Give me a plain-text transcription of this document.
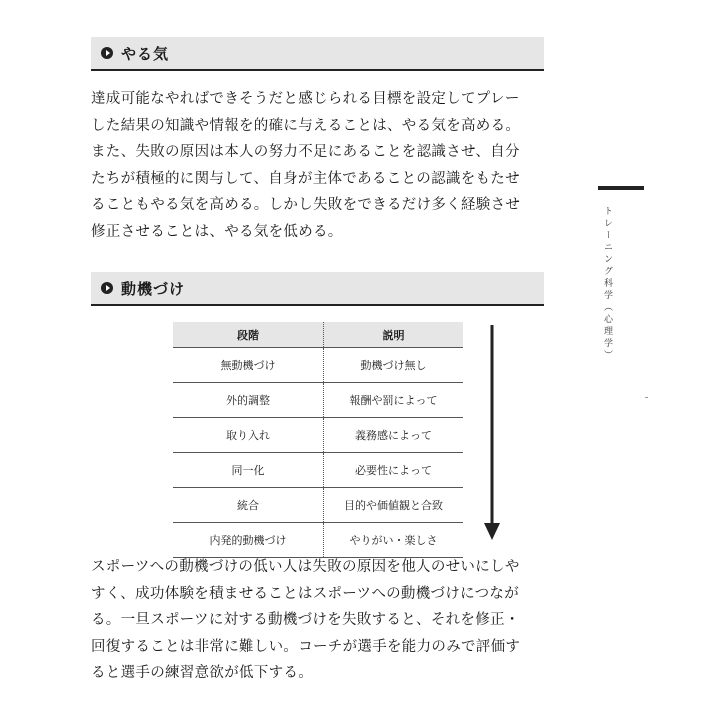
やる気

達成可能なやればできそうだと感じられる目標を設定してプレー
した結果の知識や情報を的確に与えることは、やる気を高める。
また、失敗の原因は本人の努力不足にあることを認識させ、自分
たちが積極的に関与して、自身が主体であることの認識をもたせ
ることもやる気を高める。しかし失敗をできるだけ多く経験させ
修正させることは、やる気を低める。

動機づけ
段階	説明
無動機づけ	動機づけ無し
外的調整	報酬や罰によって
取り入れ	義務感によって
同一化	必要性によって
統合	目的や価値観と合致
内発的動機づけ	やりがい・楽しさ

スポーツへの動機づけの低い人は失敗の原因を他人のせいにしや
すく、成功体験を積ませることはスポーツへの動機づけにつなが
る。一旦スポーツに対する動機づけを失敗すると、それを修正・
回復することは非常に難しい。コーチが選手を能力のみで評価す
ると選手の練習意欲が低下する。

トレーニング科学（心理学）
